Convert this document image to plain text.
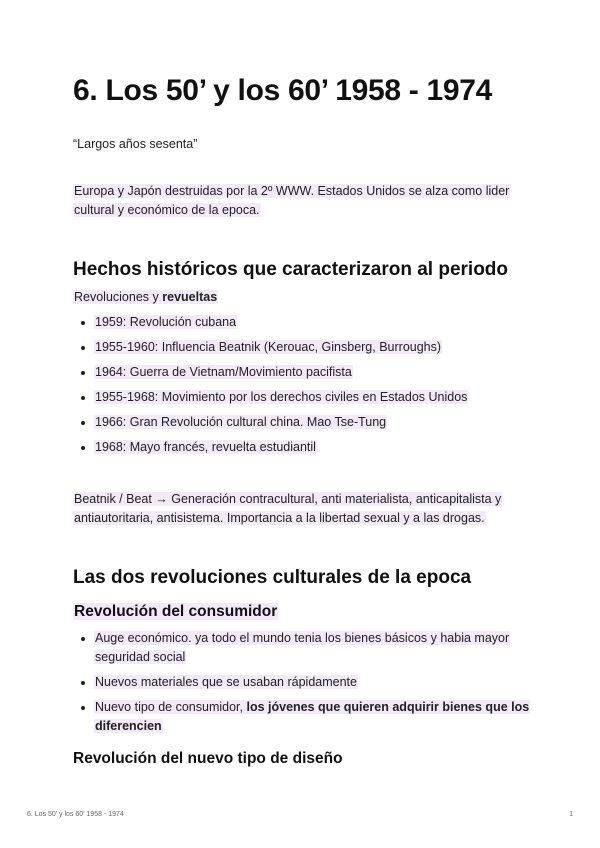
6. Los 50’ y los 60’ 1958 - 1974
“Largos años sesenta”
Europa y Japón destruidas por la 2º WWW. Estados Unidos se alza como lider
cultural y económico de la epoca.
Hechos históricos que caracterizaron al periodo
Revoluciones y revueltas
1959: Revolución cubana
1955-1960: Influencia Beatnik (Kerouac, Ginsberg, Burroughs)
1964: Guerra de Vietnam/Movimiento pacifista
1955-1968: Movimiento por los derechos civiles en Estados Unidos
1966: Gran Revolución cultural china. Mao Tse-Tung
1968: Mayo francés, revuelta estudiantil
Beatnik / Beat → Generación contracultural, anti materialista, anticapitalista y
antiautoritaria, antisistema. Importancia a la libertad sexual y a las drogas.
Las dos revoluciones culturales de la epoca
Revolución del consumidor
Auge económico. ya todo el mundo tenia los bienes básicos y habia mayor
seguridad social
Nuevos materiales que se usaban rápidamente
Nuevo tipo de consumidor, los jóvenes que quieren adquirir bienes que los
diferencien
Revolución del nuevo tipo de diseño
6. Los 50’ y los 60’ 1958 - 1974	1
